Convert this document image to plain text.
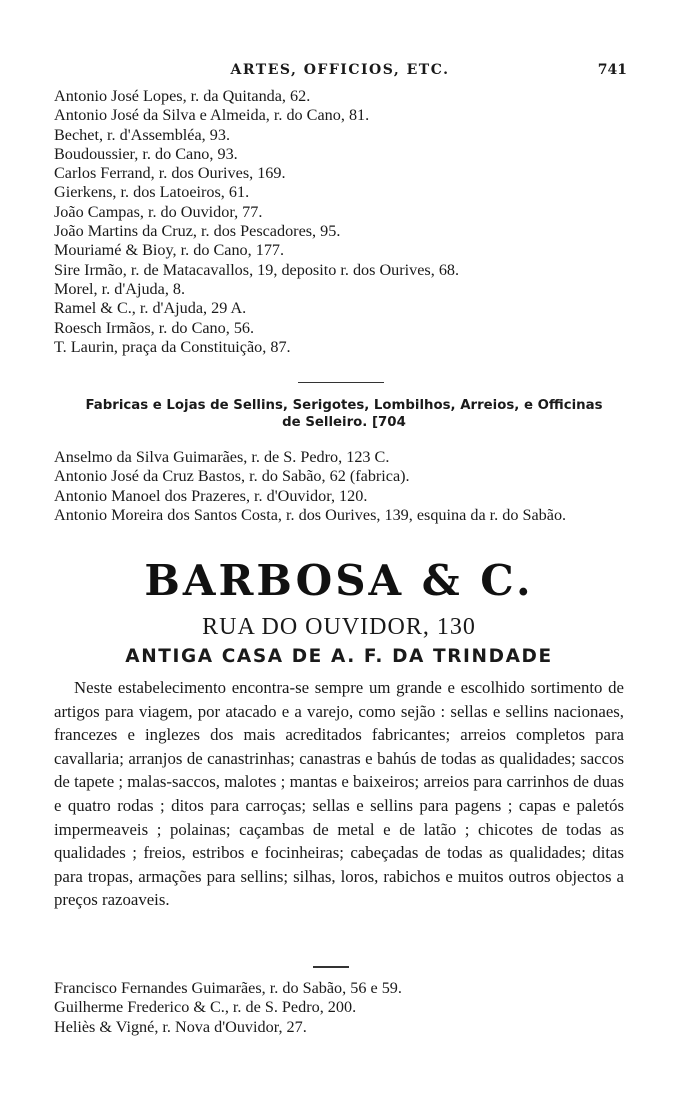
ARTES, OFFICIOS, ETC.	741
Antonio José Lopes, r. da Quitanda, 62.
Antonio José da Silva e Almeida, r. do Cano, 81.
Bechet, r. d'Assembléa, 93.
Boudoussier, r. do Cano, 93.
Carlos Ferrand, r. dos Ourives, 169.
Gierkens, r. dos Latoeiros, 61.
João Campas, r. do Ouvidor, 77.
João Martins da Cruz, r. dos Pescadores, 95.
Mouriamé & Bioy, r. do Cano, 177.
Sire Irmão, r. de Matacavallos, 19, deposito r. dos Ourives, 68.
Morel, r. d'Ajuda, 8.
Ramel & C., r. d'Ajuda, 29 A.
Roesch Irmãos, r. do Cano, 56.
T. Laurin, praça da Constituição, 87.
Fabricas e Lojas de Sellins, Serigotes, Lombilhos, Arreios, e Officinas
de Selleiro. [704
Anselmo da Silva Guimarães, r. de S. Pedro, 123 C.
Antonio José da Cruz Bastos, r. do Sabão, 62 (fabrica).
Antonio Manoel dos Prazeres, r. d'Ouvidor, 120.
Antonio Moreira dos Santos Costa, r. dos Ourives, 139, esquina da r. do Sabão.
BARBOSA & C.
RUA DO OUVIDOR, 130
ANTIGA CASA DE A. F. DA TRINDADE

Neste estabelecimento encontra-se sempre um grande e escolhido sortimento de artigos para viagem, por atacado e a varejo, como sejão : sellas e sellins nacionaes, francezes e inglezes dos mais acreditados fabricantes; arreios completos para cavallaria; arranjos de canastrinhas; canastras e bahús de todas as qualidades; saccos de tapete ; malas-saccos, malotes ; mantas e baixeiros; arreios para carrinhos de duas e quatro rodas ; ditos para carroças; sellas e sellins para pagens ; capas e paletós impermeaveis ; polainas; caçambas de metal e de latão ; chicotes de todas as qualidades ; freios, estribos e focinheiras; cabeçadas de todas as qualidades; ditas para tropas, armações para sellins; silhas, loros, rabichos e muitos outros objectos a preços razoaveis.

Francisco Fernandes Guimarães, r. do Sabão, 56 e 59.
Guilherme Frederico & C., r. de S. Pedro, 200.
Heliès & Vigné, r. Nova d'Ouvidor, 27.
